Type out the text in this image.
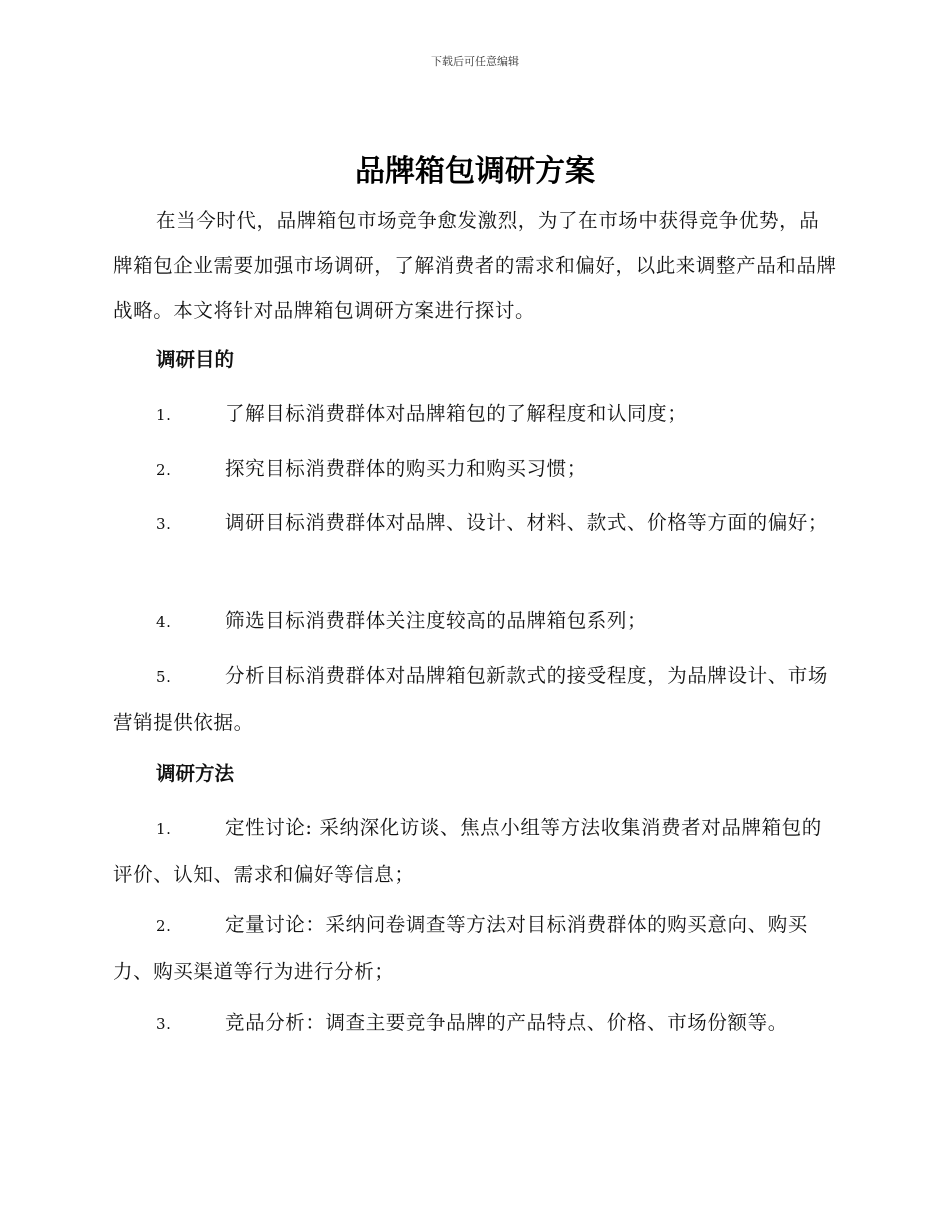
下载后可任意编辑
品牌箱包调研方案

在当今时代，品牌箱包市场竞争愈发激烈，为了在市场中获得竞争优势，品牌箱包企业需要加强市场调研，了解消费者的需求和偏好，以此来调整产品和品牌战略。本文将针对品牌箱包调研方案进行探讨。

调研目的

1.	了解目标消费群体对品牌箱包的了解程度和认同度；

2.	探究目标消费群体的购买力和购买习惯；

3.	调研目标消费群体对品牌、设计、材料、款式、价格等方面的偏好；

4.	筛选目标消费群体关注度较高的品牌箱包系列；

5.	分析目标消费群体对品牌箱包新款式的接受程度，为品牌设计、市场营销提供依据。

调研方法

1.	定性讨论: 采纳深化访谈、焦点小组等方法收集消费者对品牌箱包的评价、认知、需求和偏好等信息；

2.	定量讨论：采纳问卷调查等方法对目标消费群体的购买意向、购买力、购买渠道等行为进行分析；

3.	竞品分析：调查主要竞争品牌的产品特点、价格、市场份额等。
